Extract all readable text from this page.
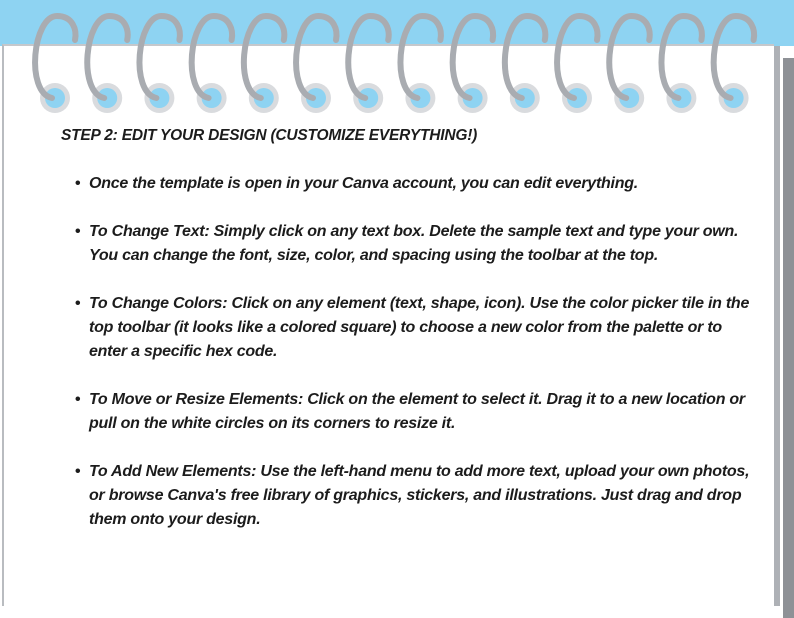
STEP 2: EDIT YOUR DESIGN (CUSTOMIZE EVERYTHING!)

• Once the template is open in your Canva account, you can edit everything.
• To Change Text: Simply click on any text box. Delete the sample text and type your own. You can change the font, size, color, and spacing using the toolbar at the top.
• To Change Colors: Click on any element (text, shape, icon). Use the color picker tile in the top toolbar (it looks like a colored square) to choose a new color from the palette or to enter a specific hex code.
• To Move or Resize Elements: Click on the element to select it. Drag it to a new location or pull on the white circles on its corners to resize it.
• To Add New Elements: Use the left-hand menu to add more text, upload your own photos, or browse Canva's free library of graphics, stickers, and illustrations. Just drag and drop them onto your design.
